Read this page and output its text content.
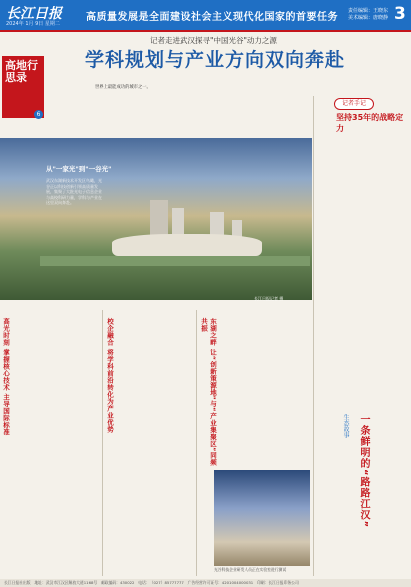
长江日报
2024年 1月 9日 星期二
高质量发展是全面建设社会主义现代化国家的首要任务
责任编辑：王晓东
美术编辑：唐晓静 3
记者走进武汉探寻"中国光谷"动力之源
学科规划与产业方向双向奔赴
世界上最能成功的城市之一。
高地行思录
6
从"一家光"到"一谷光"
武汉东湖新技术开发区鸟瞰，光谷正以科技创新引领高质量发展，集聚了大批光电子信息企业与高校科研力量，学科与产业在这里双向奔赴。
长江日报记者 摄
记者手记
坚持35年的战略定力
生态故事 一条鲜明的“路路江汉”
高光时刻 掌握核心技术 主导国际标准	校企融合 将学科前沿转化为产业优势	东湖之畔 让“创新策源地”与“产业集聚区”同频共振
光谷科技企业研发人员正在实验室进行测试
长江日报社出版　地址：武汉市江汉区解放大道1168号　邮政编码：430022　电话：（027）85777777　广告经营许可证号：4201004000031　印刷：长江日报印务公司
